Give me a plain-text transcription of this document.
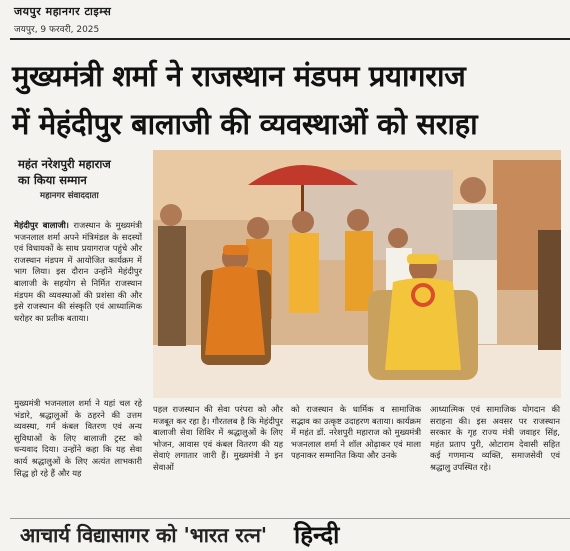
जयपुर महानगर टाइम्स
जयपुर, 9 फरवरी, 2025
मुख्यमंत्री शर्मा ने राजस्थान मंडपम प्रयागराज
में मेहंदीपुर बालाजी की व्यवस्थाओं को सराहा
महंत नरेशपुरी महाराज
का किया सम्मान
महानगर संवाददाता
मेहंदीपुर बालाजी। राजस्थान के मुख्यमंत्री भजनलाल शर्मा अपने मंत्रिमंडल के सदस्यों एवं विधायकों के साथ प्रयागराज पहुंचे और राजस्थान मंडपम में आयोजित कार्यक्रम में भाग लिया। इस दौरान उन्होंने मेहंदीपुर बालाजी के सहयोग से निर्मित राजस्थान मंडपम की व्यवस्थाओं की प्रशंसा की और इसे राजस्थान की संस्कृति एवं आध्यात्मिक धरोहर का प्रतीक बताया।
मुख्यमंत्री भजनलाल शर्मा ने यहां चल रहे भंडारे, श्रद्धालुओं के ठहरने की उत्तम व्यवस्था, गर्म कंबल वितरण एवं अन्य सुविधाओं के लिए बालाजी ट्रस्ट को धन्यवाद दिया। उन्होंने कहा कि यह सेवा कार्य श्रद्धालुओं के लिए अत्यंत लाभकारी सिद्ध हो रहे हैं और यह
पहल राजस्थान की सेवा परंपरा को और मजबूत कर रहा है। गौरतलब है कि मेहंदीपुर बालाजी सेवा शिविर में श्रद्धालुओं के लिए भोजन, आवास एवं कंबल वितरण की यह सेवाएं लगातार जारी हैं। मुख्यमंत्री ने इन सेवाओं
को राजस्थान के धार्मिक व सामाजिक सद्भाव का उत्कृष्ट उदाहरण बताया। कार्यक्रम में महंत डॉ. नरेशपुरी महाराज को मुख्यमंत्री भजनलाल शर्मा ने शॉल ओढ़ाकर एवं माला पहनाकर सम्मानित किया और उनके
आध्यात्मिक एवं सामाजिक योगदान की सराहना की। इस अवसर पर राजस्थान सरकार के गृह राज्य मंत्री जवाहर सिंह, महंत प्रताप पुरी, ओटाराम देवासी सहित कई गणमान्य व्यक्ति, समाजसेवी एवं श्रद्धालु उपस्थित रहे।
आचार्य विद्यासागर को 'भारत रत्न' हिन्दी
